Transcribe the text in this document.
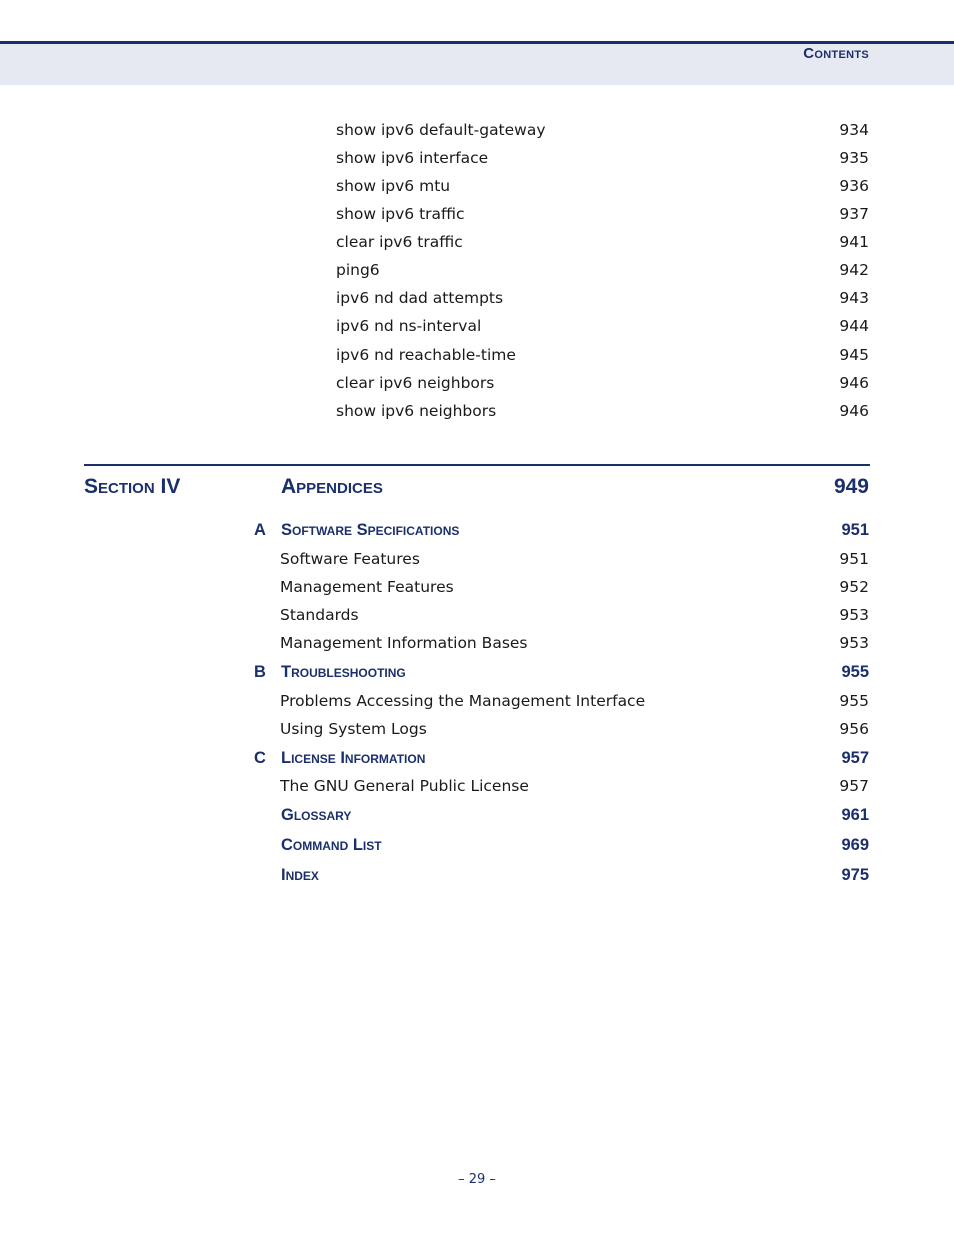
Contents
show ipv6 default-gateway	934
show ipv6 interface	935
show ipv6 mtu	936
show ipv6 traffic	937
clear ipv6 traffic	941
ping6	942
ipv6 nd dad attempts	943
ipv6 nd ns-interval	944
ipv6 nd reachable-time	945
clear ipv6 neighbors	946
show ipv6 neighbors	946
Section IV	Appendices	949
A Software Specifications	951
Software Features	951
Management Features	952
Standards	953
Management Information Bases	953
B Troubleshooting	955
Problems Accessing the Management Interface	955
Using System Logs	956
C License Information	957
The GNU General Public License	957
Glossary	961
Command List	969
Index	975
– 29 –
